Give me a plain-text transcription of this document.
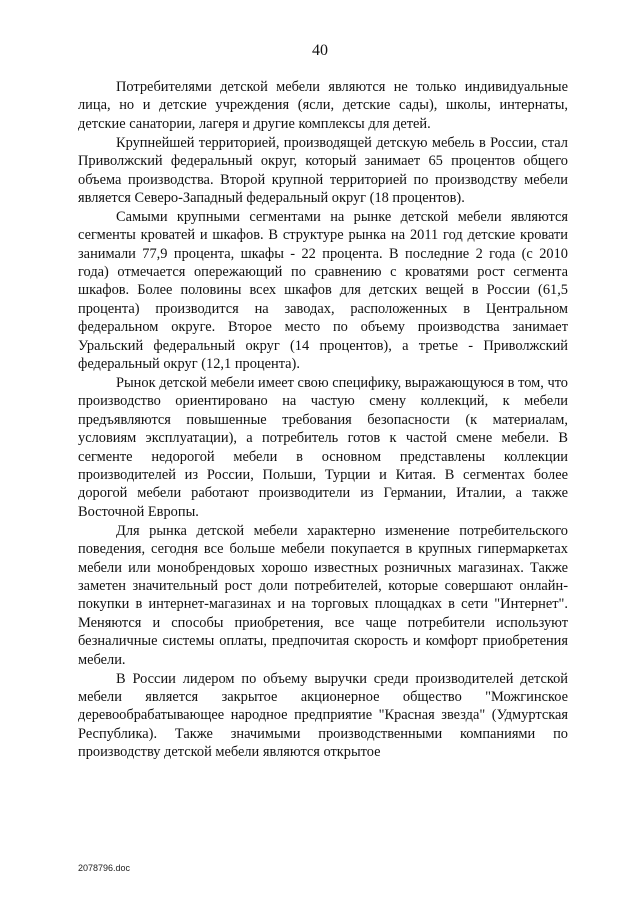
40

Потребителями детской мебели являются не только индивидуальные лица, но и детские учреждения (ясли, детские сады), школы, интернаты, детские санатории, лагеря и другие комплексы для детей.

Крупнейшей территорией, производящей детскую мебель в России, стал Приволжский федеральный округ, который занимает 65 процентов общего объема производства. Второй крупной территорией по производству мебели является Северо-Западный федеральный округ (18 процентов).

Самыми крупными сегментами на рынке детской мебели являются сегменты кроватей и шкафов. В структуре рынка на 2011 год детские кровати занимали 77,9 процента, шкафы - 22 процента. В последние 2 года (с 2010 года) отмечается опережающий по сравнению с кроватями рост сегмента шкафов. Более половины всех шкафов для детских вещей в России (61,5 процента) производится на заводах, расположенных в Центральном федеральном округе. Второе место по объему производства занимает Уральский федеральный округ (14 процентов), а третье - Приволжский федеральный округ (12,1 процента).

Рынок детской мебели имеет свою специфику, выражающуюся в том, что производство ориентировано на частую смену коллекций, к мебели предъявляются повышенные требования безопасности (к материалам, условиям эксплуатации), а потребитель готов к частой смене мебели. В сегменте недорогой мебели в основном представлены коллекции производителей из России, Польши, Турции и Китая. В сегментах более дорогой мебели работают производители из Германии, Италии, а также Восточной Европы.

Для рынка детской мебели характерно изменение потребительского поведения, сегодня все больше мебели покупается в крупных гипермаркетах мебели или монобрендовых хорошо известных розничных магазинах. Также заметен значительный рост доли потребителей, которые совершают онлайн-покупки в интернет-магазинах и на торговых площадках в сети "Интернет". Меняются и способы приобретения, все чаще потребители используют безналичные системы оплаты, предпочитая скорость и комфорт приобретения мебели.

В России лидером по объему выручки среди производителей детской мебели является закрытое акционерное общество "Можгинское деревообрабатывающее народное предприятие "Красная звезда" (Удмуртская Республика). Также значимыми производственными компаниями по производству детской мебели являются открытое

2078796.doc
